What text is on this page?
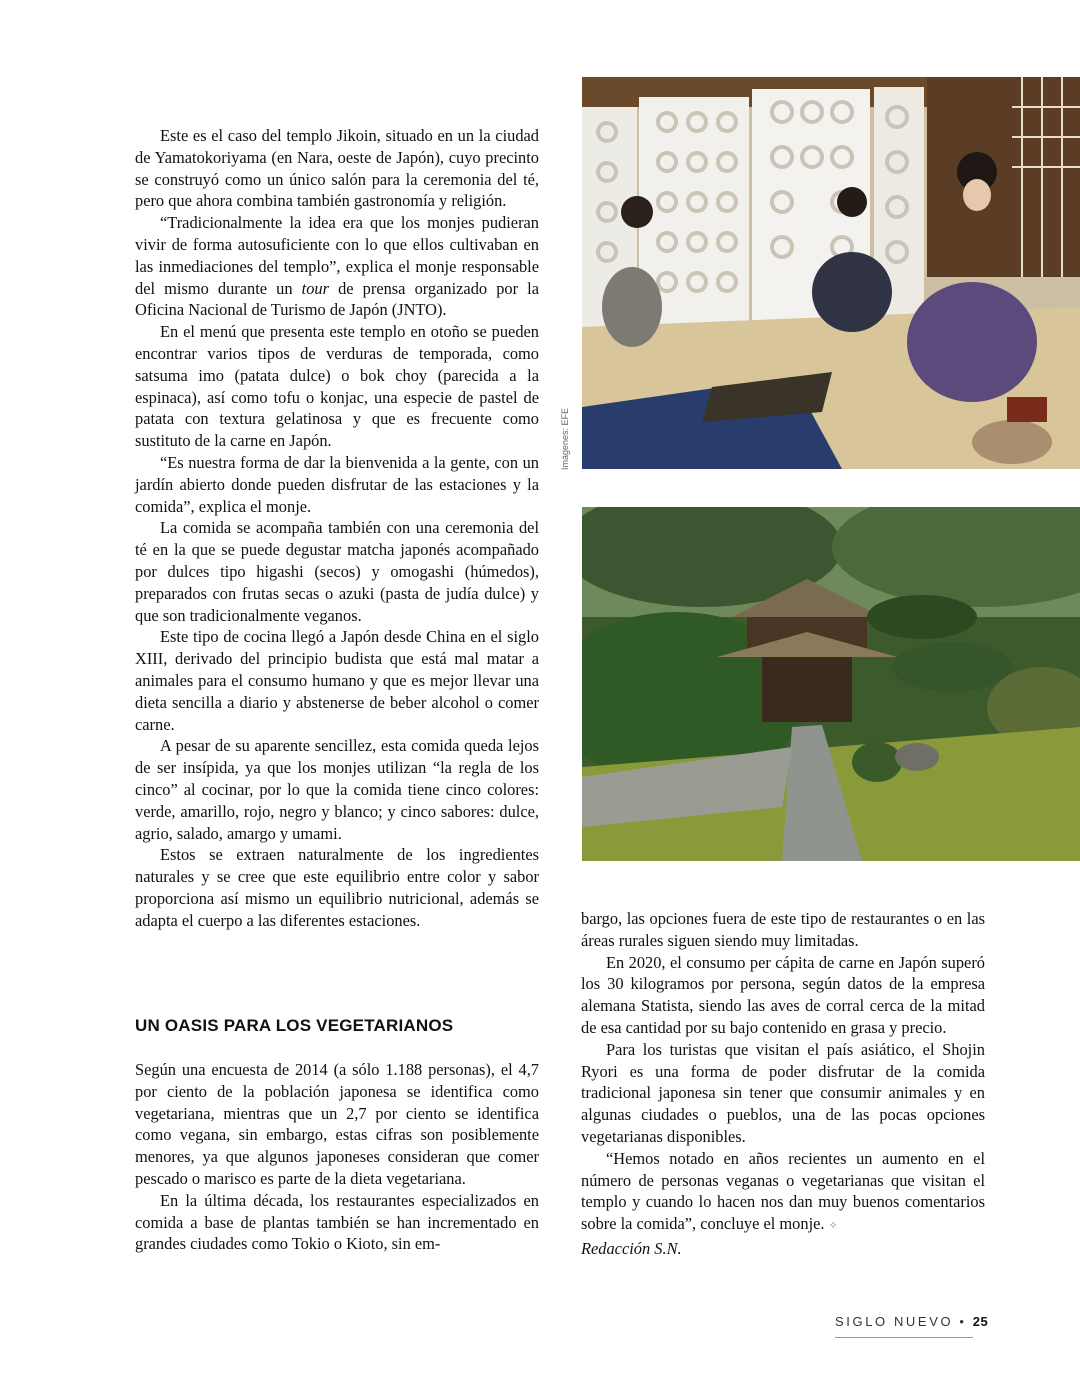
Este es el caso del templo Jikoin, situado en un la ciudad de Yamatokoriyama (en Nara, oeste de Japón), cuyo precinto se construyó como un único salón para la ceremonia del té, pero que ahora combina también gastronomía y religión.

“Tradicionalmente la idea era que los monjes pudieran vivir de forma autosuficiente con lo que ellos cultivaban en las inmediaciones del templo”, explica el monje responsable del mismo durante un tour de prensa organizado por la Oficina Nacional de Turismo de Japón (JNTO).

En el menú que presenta este templo en otoño se pueden encontrar varios tipos de verduras de temporada, como satsuma imo (patata dulce) o bok choy (parecida a la espinaca), así como tofu o konjac, una especie de pastel de patata con textura gelatinosa y que es frecuente como sustituto de la carne en Japón.

“Es nuestra forma de dar la bienvenida a la gente, con un jardín abierto donde pueden disfrutar de las estaciones y la comida”, explica el monje.

La comida se acompaña también con una ceremonia del té en la que se puede degustar matcha japonés acompañado por dulces tipo higashi (secos) y omogashi (húmedos), preparados con frutas secas o azuki (pasta de judía dulce) y que son tradicionalmente veganos.

Este tipo de cocina llegó a Japón desde China en el siglo XIII, derivado del principio budista que está mal matar a animales para el consumo humano y que es mejor llevar una dieta sencilla a diario y abstenerse de beber alcohol o comer carne.

A pesar de su aparente sencillez, esta comida queda lejos de ser insípida, ya que los monjes utilizan “la regla de los cinco” al cocinar, por lo que la comida tiene cinco colores: verde, amarillo, rojo, negro y blanco; y cinco sabores: dulce, agrio, salado, amargo y umami.

Estos se extraen naturalmente de los ingredientes naturales y se cree que este equilibrio entre color y sabor proporciona así mismo un equilibrio nutricional, además se adapta el cuerpo a las diferentes estaciones.

UN OASIS PARA LOS VEGETARIANOS

Según una encuesta de 2014 (a sólo 1.188 personas), el 4,7 por ciento de la población japonesa se identifica como vegetariana, mientras que un 2,7 por ciento se identifica como vegana, sin embargo, estas cifras son posiblemente menores, ya que algunos japoneses consideran que comer pescado o marisco es parte de la dieta vegetariana.

En la última década, los restaurantes especializados en comida a base de plantas también se han incrementado en grandes ciudades como Tokio o Kioto, sin em-

bargo, las opciones fuera de este tipo de restaurantes o en las áreas rurales siguen siendo muy limitadas.

En 2020, el consumo per cápita de carne en Japón superó los 30 kilogramos por persona, según datos de la empresa alemana Statista, siendo las aves de corral cerca de la mitad de esa cantidad por su bajo contenido en grasa y precio.

Para los turistas que visitan el país asiático, el Shojin Ryori es una forma de poder disfrutar de la comida tradicional japonesa sin tener que consumir animales y en algunas ciudades o pueblos, una de las pocas opciones vegetarianas disponibles.

“Hemos notado en años recientes un aumento en el número de personas veganas o vegetarianas que visitan el templo y cuando lo hacen nos dan muy buenos comentarios sobre la comida”, concluye el monje. ✧

Redacción S.N.

Imágenes: EFE
SIGLO NUEVO • 25
